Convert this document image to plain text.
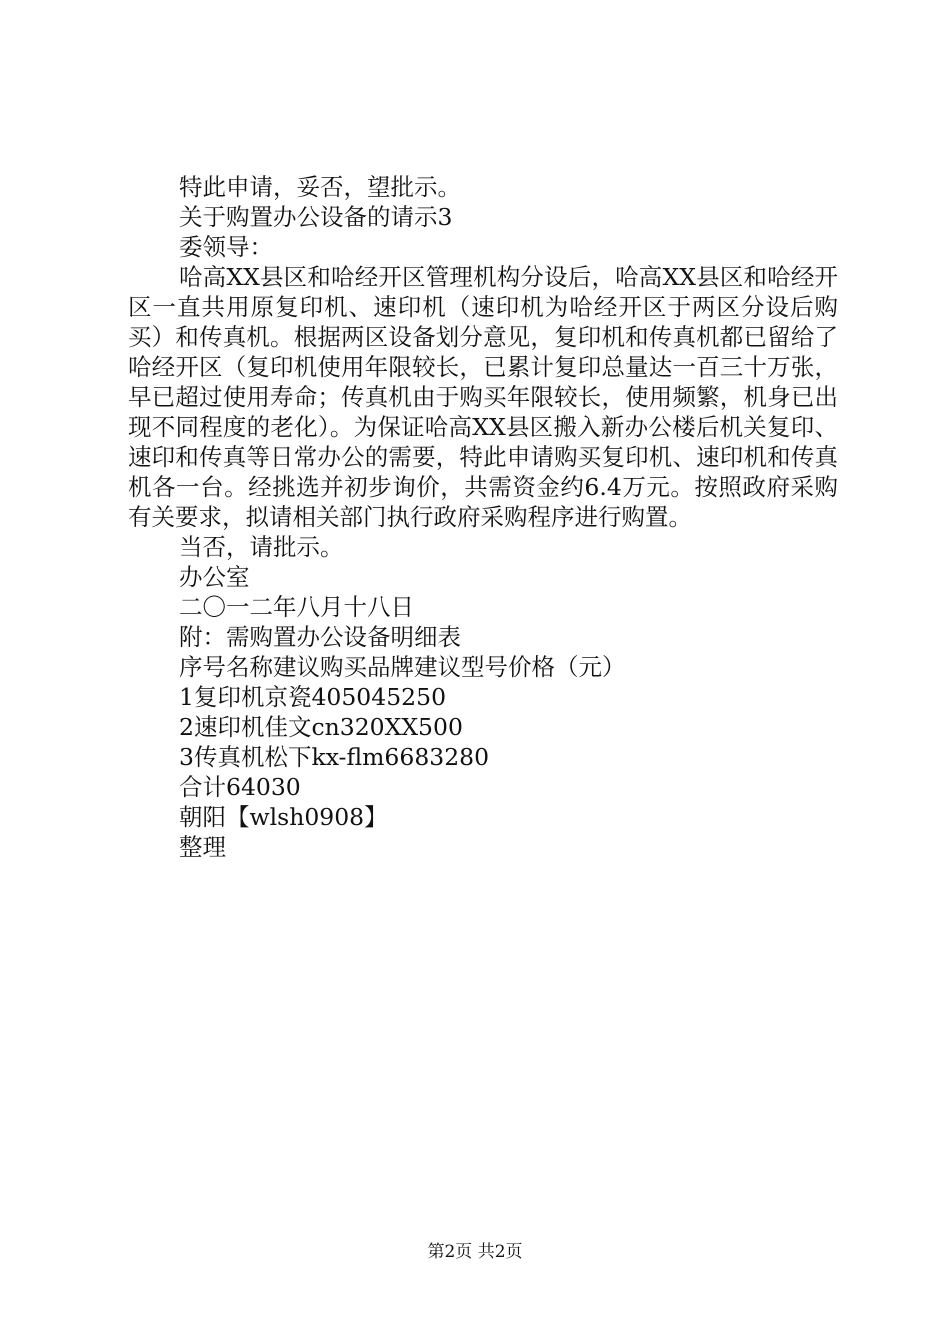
特此申请，妥否，望批示。
关于购置办公设备的请示3
委领导：

哈高XX县区和哈经开区管理机构分设后，哈高XX县区和哈经开区一直共用原复印机、速印机（速印机为哈经开区于两区分设后购买）和传真机。根据两区设备划分意见，复印机和传真机都已留给了哈经开区（复印机使用年限较长，已累计复印总量达一百三十万张，早已超过使用寿命；传真机由于购买年限较长，使用频繁，机身已出现不同程度的老化）。为保证哈高XX县区搬入新办公楼后机关复印、速印和传真等日常办公的需要，特此申请购买复印机、速印机和传真机各一台。经挑选并初步询价，共需资金约6.4万元。按照政府采购有关要求，拟请相关部门执行政府采购程序进行购置。

当否，请批示。
办公室
二〇一二年八月十八日
附：需购置办公设备明细表
序号名称建议购买品牌建议型号价格（元）
1复印机京瓷405045250
2速印机佳文cn320XX500
3传真机松下kx-flm6683280
合计64030
朝阳【wlsh0908】
整理
第2页 共2页
